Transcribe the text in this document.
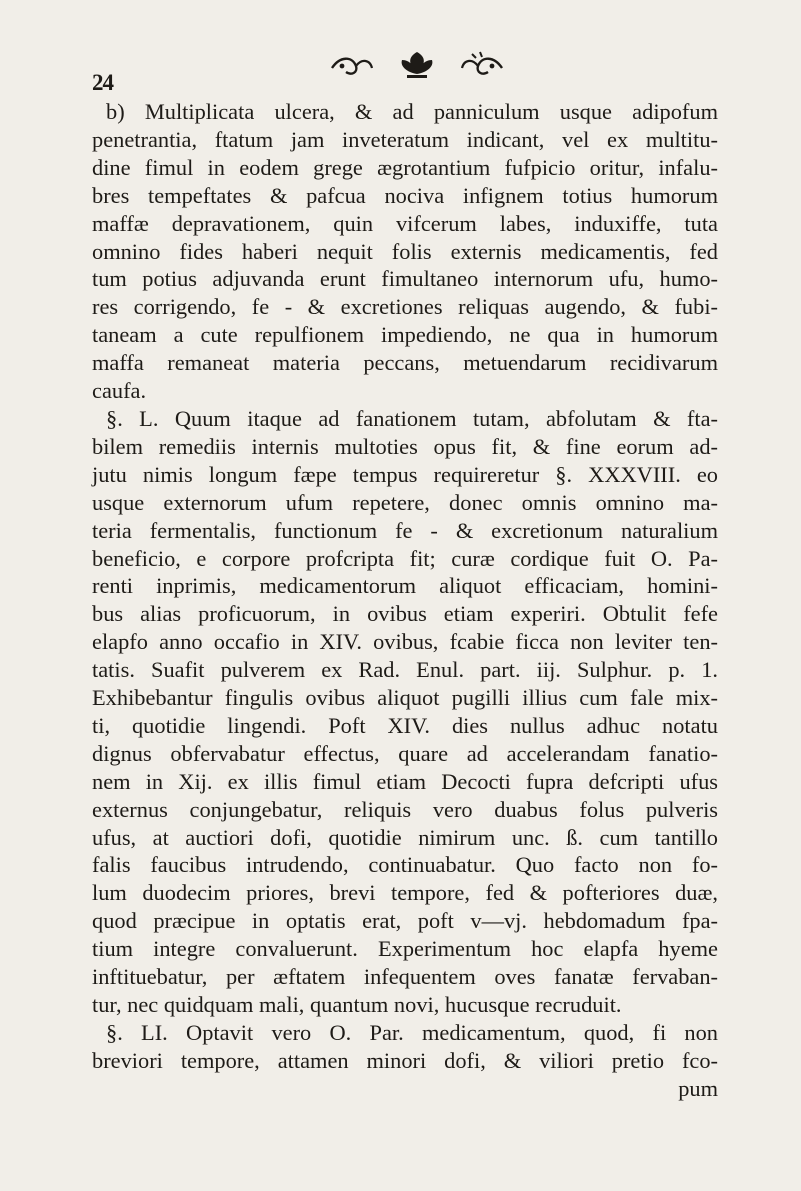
24
b) Multiplicata ulcera, & ad panniculum usque adipofum
penetrantia, ftatum jam inveteratum indicant, vel ex multitu-
dine fimul in eodem grege ægrotantium fufpicio oritur, infalu-
bres tempeftates & pafcua nociva infignem totius humorum
maffæ depravationem, quin vifcerum labes, induxiffe, tuta
omnino fides haberi nequit folis externis medicamentis, fed
tum potius adjuvanda erunt fimultaneo internorum ufu, humo-
res corrigendo, fe - & excretiones reliquas augendo, & fubi-
taneam a cute repulfionem impediendo, ne qua in humorum
maffa remaneat materia peccans, metuendarum recidivarum
caufa.
§. L. Quum itaque ad fanationem tutam, abfolutam & fta-
bilem remediis internis multoties opus fit, & fine eorum ad-
jutu nimis longum fæpe tempus requireretur §. XXXVIII. eo
usque externorum ufum repetere, donec omnis omnino ma-
teria fermentalis, functionum fe - & excretionum naturalium
beneficio, e corpore profcripta fit; curæ cordique fuit O. Pa-
renti inprimis, medicamentorum aliquot efficaciam, homini-
bus alias proficuorum, in ovibus etiam experiri. Obtulit fefe
elapfo anno occafio in XIV. ovibus, fcabie ficca non leviter ten-
tatis. Suafit pulverem ex Rad. Enul. part. iij. Sulphur. p. 1.
Exhibebantur fingulis ovibus aliquot pugilli illius cum fale mix-
ti, quotidie lingendi. Poft XIV. dies nullus adhuc notatu
dignus obfervabatur effectus, quare ad accelerandam fanatio-
nem in Xij. ex illis fimul etiam Decocti fupra defcripti ufus
externus conjungebatur, reliquis vero duabus folus pulveris
ufus, at auctiori dofi, quotidie nimirum unc. ß. cum tantillo
falis faucibus intrudendo, continuabatur. Quo facto non fo-
lum duodecim priores, brevi tempore, fed & pofteriores duæ,
quod præcipue in optatis erat, poft v—vj. hebdomadum fpa-
tium integre convaluerunt. Experimentum hoc elapfa hyeme
inftituebatur, per æftatem infequentem oves fanatæ fervaban-
tur, nec quidquam mali, quantum novi, hucusque recruduit.
§. LI. Optavit vero O. Par. medicamentum, quod, fi non
breviori tempore, attamen minori dofi, & viliori pretio fco-
pum
